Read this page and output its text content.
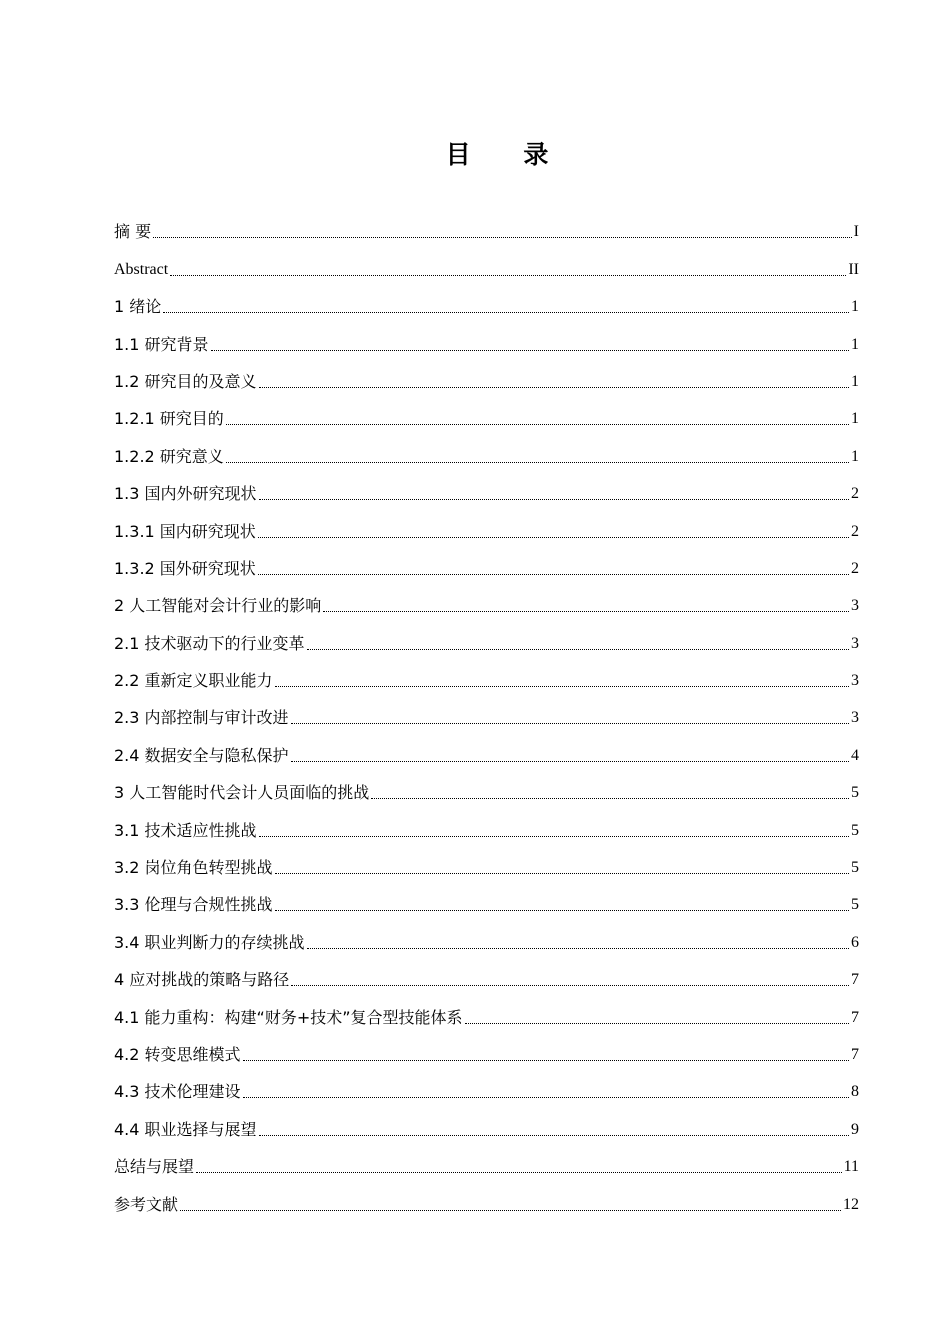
目 录
摘 要	I
Abstract	II
1 绪论	1
1.1 研究背景	1
1.2 研究目的及意义	1
1.2.1 研究目的	1
1.2.2 研究意义	1
1.3 国内外研究现状	2
1.3.1 国内研究现状	2
1.3.2 国外研究现状	2
2 人工智能对会计行业的影响	3
2.1 技术驱动下的行业变革	3
2.2 重新定义职业能力	3
2.3 内部控制与审计改进	3
2.4 数据安全与隐私保护	4
3 人工智能时代会计人员面临的挑战	5
3.1 技术适应性挑战	5
3.2 岗位角色转型挑战	5
3.3 伦理与合规性挑战	5
3.4 职业判断力的存续挑战	6
4 应对挑战的策略与路径	7
4.1 能力重构：构建“财务+技术”复合型技能体系	7
4.2 转变思维模式	7
4.3 技术伦理建设	8
4.4 职业选择与展望	9
总结与展望	11
参考文献	12
